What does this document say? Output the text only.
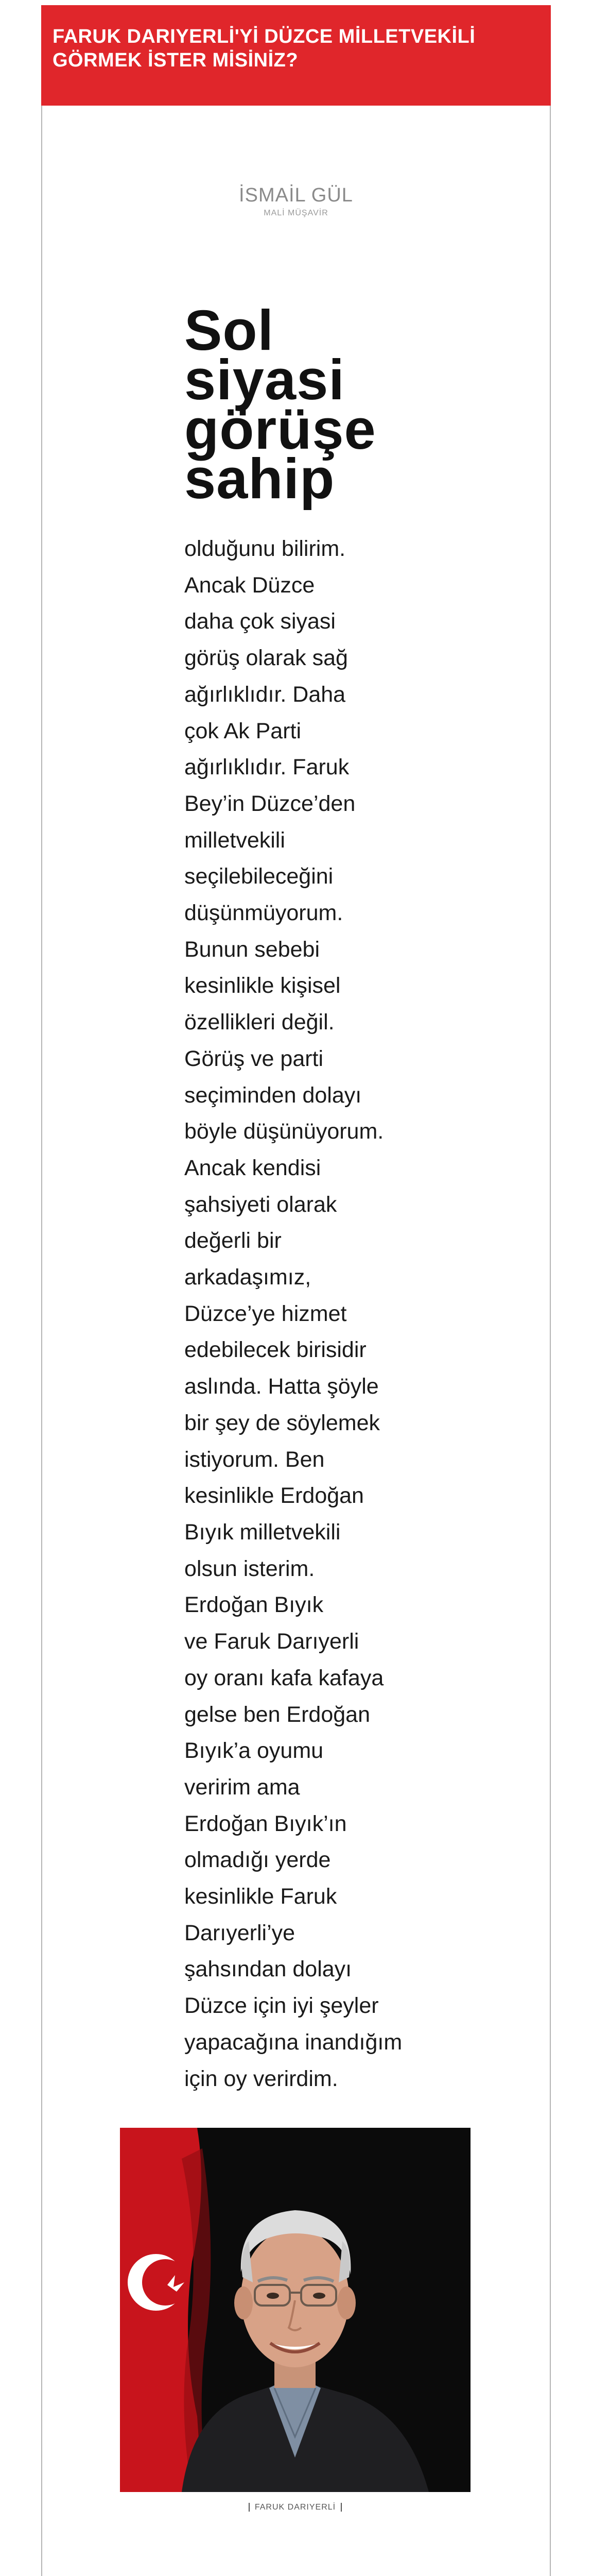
FARUK DARIYERLİ'Yİ DÜZCE MİLLETVEKİLİ
GÖRMEK İSTER MİSİNİZ?
İSMAİL GÜL
MALİ MÜŞAVİR
Sol
siyasi
görüşe
sahip
olduğunu bilirim.
Ancak Düzce
daha çok siyasi
görüş olarak sağ
ağırlıklıdır. Daha
çok Ak Parti
ağırlıklıdır. Faruk
Bey’in Düzce’den
milletvekili
seçilebileceğini
düşünmüyorum.
Bunun sebebi
kesinlikle kişisel
özellikleri değil.
Görüş ve parti
seçiminden dolayı
böyle düşünüyorum.
Ancak kendisi
şahsiyeti olarak
değerli bir
arkadaşımız,
Düzce’ye hizmet
edebilecek birisidir
aslında. Hatta şöyle
bir şey de söylemek
istiyorum. Ben
kesinlikle Erdoğan
Bıyık milletvekili
olsun isterim.
Erdoğan Bıyık
ve Faruk Darıyerli
oy oranı kafa kafaya
gelse ben Erdoğan
Bıyık’a oyumu
veririm ama
Erdoğan Bıyık’ın
olmadığı yerde
kesinlikle Faruk
Darıyerli’ye
şahsından dolayı
Düzce için iyi şeyler
yapacağına inandığım
için oy verirdim.
FARUK DARIYERLİ
